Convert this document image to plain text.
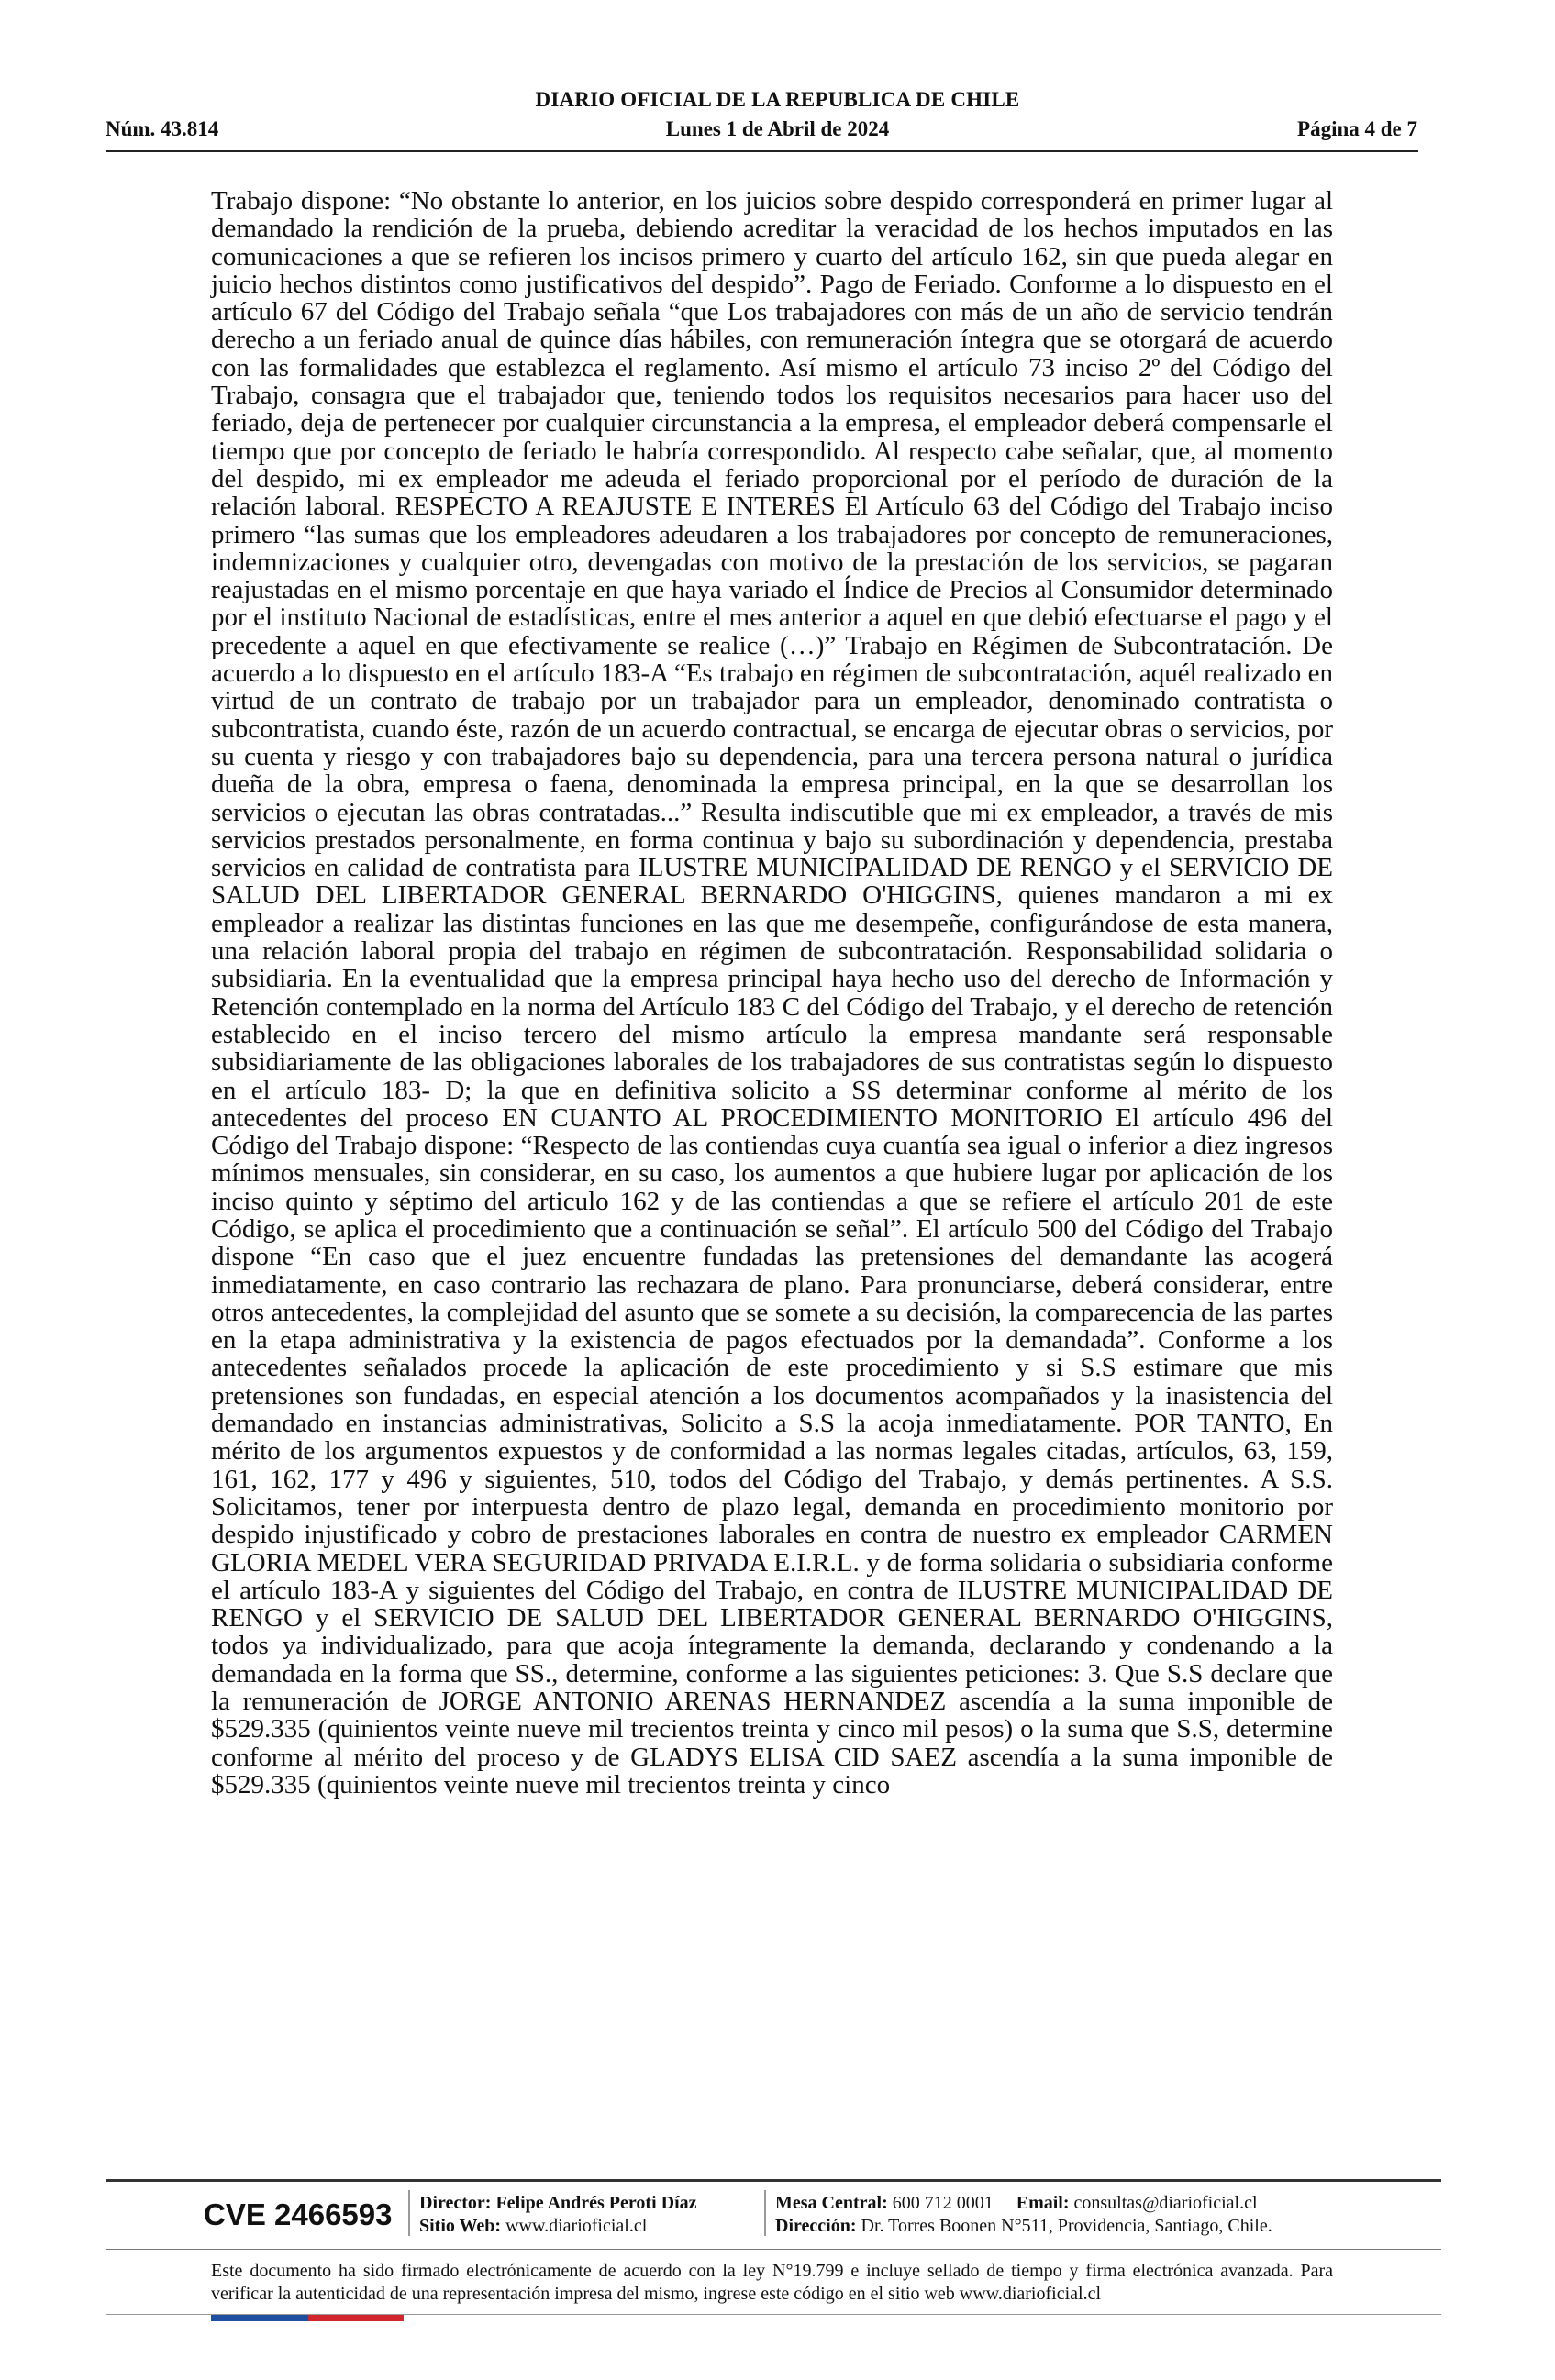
DIARIO OFICIAL DE LA REPUBLICA DE CHILE
Núm. 43.814	Lunes 1 de Abril de 2024	Página 4 de 7

Trabajo dispone: “No obstante lo anterior, en los juicios sobre despido corresponderá en primer lugar al demandado la rendición de la prueba, debiendo acreditar la veracidad de los hechos imputados en las comunicaciones a que se refieren los incisos primero y cuarto del artículo 162, sin que pueda alegar en juicio hechos distintos como justificativos del despido”. Pago de Feriado. Conforme a lo dispuesto en el artículo 67 del Código del Trabajo señala “que Los trabajadores con más de un año de servicio tendrán derecho a un feriado anual de quince días hábiles, con remuneración íntegra que se otorgará de acuerdo con las formalidades que establezca el reglamento. Así mismo el artículo 73 inciso 2º del Código del Trabajo, consagra que el trabajador que, teniendo todos los requisitos necesarios para hacer uso del feriado, deja de pertenecer por cualquier circunstancia a la empresa, el empleador deberá compensarle el tiempo que por concepto de feriado le habría correspondido. Al respecto cabe señalar, que, al momento del despido, mi ex empleador me adeuda el feriado proporcional por el período de duración de la relación laboral. RESPECTO A REAJUSTE E INTERES El Artículo 63 del Código del Trabajo inciso primero “las sumas que los empleadores adeudaren a los trabajadores por concepto de remuneraciones, indemnizaciones y cualquier otro, devengadas con motivo de la prestación de los servicios, se pagaran reajustadas en el mismo porcentaje en que haya variado el Índice de Precios al Consumidor determinado por el instituto Nacional de estadísticas, entre el mes anterior a aquel en que debió efectuarse el pago y el precedente a aquel en que efectivamente se realice (…)” Trabajo en Régimen de Subcontratación. De acuerdo a lo dispuesto en el artículo 183-A “Es trabajo en régimen de subcontratación, aquél realizado en virtud de un contrato de trabajo por un trabajador para un empleador, denominado contratista o subcontratista, cuando éste, razón de un acuerdo contractual, se encarga de ejecutar obras o servicios, por su cuenta y riesgo y con trabajadores bajo su dependencia, para una tercera persona natural o jurídica dueña de la obra, empresa o faena, denominada la empresa principal, en la que se desarrollan los servicios o ejecutan las obras contratadas...” Resulta indiscutible que mi ex empleador, a través de mis servicios prestados personalmente, en forma continua y bajo su subordinación y dependencia, prestaba servicios en calidad de contratista para ILUSTRE MUNICIPALIDAD DE RENGO y el SERVICIO DE SALUD DEL LIBERTADOR GENERAL BERNARDO O'HIGGINS, quienes mandaron a mi ex empleador a realizar las distintas funciones en las que me desempeñe, configurándose de esta manera, una relación laboral propia del trabajo en régimen de subcontratación. Responsabilidad solidaria o subsidiaria. En la eventualidad que la empresa principal haya hecho uso del derecho de Información y Retención contemplado en la norma del Artículo 183 C del Código del Trabajo, y el derecho de retención establecido en el inciso tercero del mismo artículo la empresa mandante será responsable subsidiariamente de las obligaciones laborales de los trabajadores de sus contratistas según lo dispuesto en el artículo 183- D; la que en definitiva solicito a SS determinar conforme al mérito de los antecedentes del proceso EN CUANTO AL PROCEDIMIENTO MONITORIO El artículo 496 del Código del Trabajo dispone: “Respecto de las contiendas cuya cuantía sea igual o inferior a diez ingresos mínimos mensuales, sin considerar, en su caso, los aumentos a que hubiere lugar por aplicación de los inciso quinto y séptimo del articulo 162 y de las contiendas a que se refiere el artículo 201 de este Código, se aplica el procedimiento que a continuación se señal”. El artículo 500 del Código del Trabajo dispone “En caso que el juez encuentre fundadas las pretensiones del demandante las acogerá inmediatamente, en caso contrario las rechazara de plano. Para pronunciarse, deberá considerar, entre otros antecedentes, la complejidad del asunto que se somete a su decisión, la comparecencia de las partes en la etapa administrativa y la existencia de pagos efectuados por la demandada”. Conforme a los antecedentes señalados procede la aplicación de este procedimiento y si S.S estimare que mis pretensiones son fundadas, en especial atención a los documentos acompañados y la inasistencia del demandado en instancias administrativas, Solicito a S.S la acoja inmediatamente. POR TANTO, En mérito de los argumentos expuestos y de conformidad a las normas legales citadas, artículos, 63, 159, 161, 162, 177 y 496 y siguientes, 510, todos del Código del Trabajo, y demás pertinentes. A S.S. Solicitamos, tener por interpuesta dentro de plazo legal, demanda en procedimiento monitorio por despido injustificado y cobro de prestaciones laborales en contra de nuestro ex empleador CARMEN GLORIA MEDEL VERA SEGURIDAD PRIVADA E.I.R.L. y de forma solidaria o subsidiaria conforme el artículo 183-A y siguientes del Código del Trabajo, en contra de ILUSTRE MUNICIPALIDAD DE RENGO y el SERVICIO DE SALUD DEL LIBERTADOR GENERAL BERNARDO O'HIGGINS, todos ya individualizado, para que acoja íntegramente la demanda, declarando y condenando a la demandada en la forma que SS., determine, conforme a las siguientes peticiones: 3. Que S.S declare que la remuneración de JORGE ANTONIO ARENAS HERNANDEZ ascendía a la suma imponible de $529.335 (quinientos veinte nueve mil trecientos treinta y cinco mil pesos) o la suma que S.S, determine conforme al mérito del proceso y de GLADYS ELISA CID SAEZ ascendía a la suma imponible de $529.335 (quinientos veinte nueve mil trecientos treinta y cinco

CVE 2466593	Director: Felipe Andrés Peroti Díaz
Sitio Web: www.diarioficial.cl
Mesa Central: 600 712 0001 Email: consultas@diarioficial.cl
Dirección: Dr. Torres Boonen N°511, Providencia, Santiago, Chile.
Este documento ha sido firmado electrónicamente de acuerdo con la ley N°19.799 e incluye sellado de tiempo y firma electrónica avanzada. Para verificar la autenticidad de una representación impresa del mismo, ingrese este código en el sitio web www.diarioficial.cl
